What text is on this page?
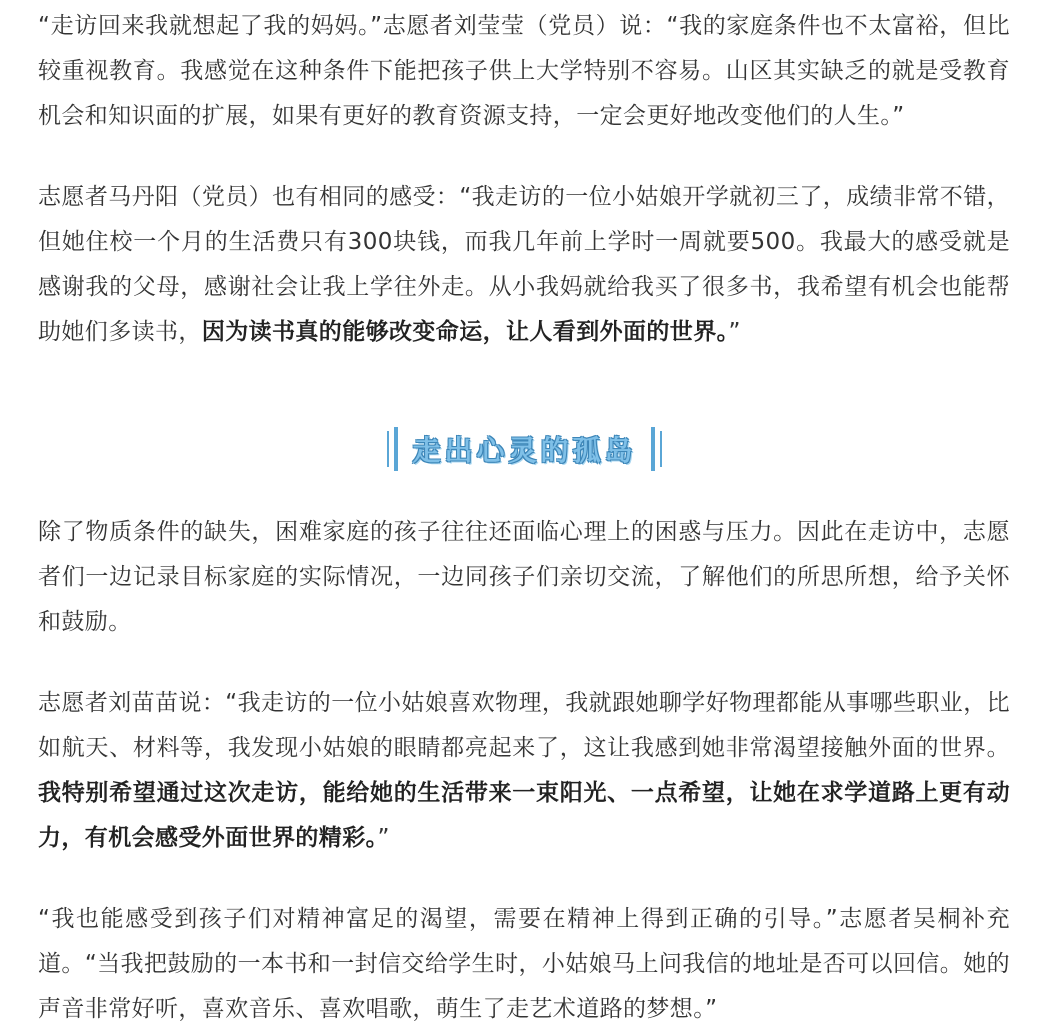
“走访回来我就想起了我的妈妈。”志愿者刘莹莹（党员）说：“我的家庭条件也不太富裕，但比较重视教育。我感觉在这种条件下能把孩子供上大学特别不容易。山区其实缺乏的就是受教育机会和知识面的扩展，如果有更好的教育资源支持，一定会更好地改变他们的人生。”

志愿者马丹阳（党员）也有相同的感受：“我走访的一位小姑娘开学就初三了，成绩非常不错，但她住校一个月的生活费只有300块钱，而我几年前上学时一周就要500。我最大的感受就是感谢我的父母，感谢社会让我上学往外走。从小我妈就给我买了很多书，我希望有机会也能帮助她们多读书，因为读书真的能够改变命运，让人看到外面的世界。”

除了物质条件的缺失，困难家庭的孩子往往还面临心理上的困惑与压力。因此在走访中，志愿者们一边记录目标家庭的实际情况，一边同孩子们亲切交流，了解他们的所思所想，给予关怀和鼓励。

志愿者刘苗苗说：“我走访的一位小姑娘喜欢物理，我就跟她聊学好物理都能从事哪些职业，比如航天、材料等，我发现小姑娘的眼睛都亮起来了，这让我感到她非常渴望接触外面的世界。我特别希望通过这次走访，能给她的生活带来一束阳光、一点希望，让她在求学道路上更有动力，有机会感受外面世界的精彩。”

“我也能感受到孩子们对精神富足的渴望，需要在精神上得到正确的引导。”志愿者吴桐补充道。“当我把鼓励的一本书和一封信交给学生时，小姑娘马上问我信的地址是否可以回信。她的声音非常好听，喜欢音乐、喜欢唱歌，萌生了走艺术道路的梦想。”

走出心灵的孤岛
